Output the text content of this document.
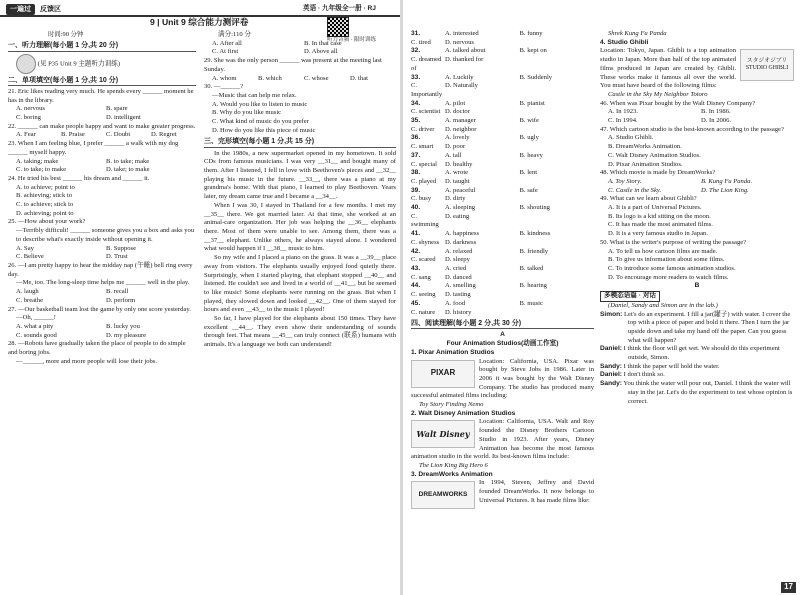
一遍过	反馈区
9 | Unit 9 综合能力测评卷

时间:90 分钟

一、听力理解(每小题 1 分,共 20 分)

(见 P35 Unit 9 主题听力训练)

二、单项填空(每小题 1 分,共 10 分)

21. Eric likes reading very much. He spends every ______ moment he has in the library.

A. nervous	B. spare
C. boring	D. intelligent

22. ______ can make people happy and want to make greater progress.

A. Fear	B. Praise	C. Doubt	D. Regret

23. When I am feeling blue, I prefer ______ a walk with my dog ______ myself happy.

A. taking; make	B. to take; make
C. to take; to make	D. take; to make

24. He tried his best ______ his dream and ______ it.

A. to achieve; point to

B. achieving; stick to

C. to achieve; stick to

D. achieving; point to

25. —How about your work?

—Terribly difficult! ______ someone gives you a box and asks you to describe what's exactly inside without opening it.

A. Say	B. Suppose
C. Believe	D. Trust

26. —I am pretty happy to hear the midday nap (午睡) bell ring every day.

—Me, too. The long-sleep time helps me ______ well in the play.

A. laugh	B. recall
C. breathe	D. perform

27. —Our basketball team lost the game by only one score yesterday.

—Oh, ______!

A. what a pity	B. lucky you
C. sounds good	D. my pleasure

28. —Robots have gradually taken the place of people to do simple and boring jobs.

—______, more and more people will lose their jobs.

听力音频 · 限时训练

满分:110 分

A. After all	B. In that case
C. At first	D. Above all

29. She was the only person ______ was present at the meeting last Sunday.

A. whom	B. which	C. whose	D. that

30. —______?

—Music that can help me relax.

A. Would you like to listen to music

B. Why do you like music

C. What kind of music do you prefer

D. How do you like this piece of music

三、完形填空(每小题 1 分,共 15 分)

In the 1980s, a new supermarket opened in my hometown. It sold CDs from famous musicians. I was very __31__ and bought many of them. After I listened, I fell in love with Beethoven's pieces and __32__ playing his music in the future. __33__, there was a piano at my grandma's home. With that piano, I learned to play Beethoven. Years later, my dream came true and I became a __34__.

When I was 30, I stayed in Thailand for a few months. I met my __35__ there. We got married later. At that time, she worked at an animal-care organization. Her job was helping the __36__ elephants there. Most of them were unable to see. Among them, there was a __37__ elephant. Unlike others, he always stayed alone. I wondered what would happen if I __38__ music to him.

So my wife and I placed a piano on the grass. It was a __39__ place away from visitors. The elephants usually enjoyed food quietly there. Surprisingly, when I started playing, that elephant stopped __40__ and listened. He couldn't see and lived in a world of __41__, but he seemed to like music! Some elephants were running on the grass. But when I played, they slowed down and looked __42__. One of them stayed for hours and even __43__ to the music I played!

So far, I have played for the elephants about 150 times. They have excellent __44__. They even show their understanding of sounds through feet. That means __45__ can truly connect (联系) humans with animals. It's a language we both can understand!

英语 · 九年级全一册 · RJ
31.	A. interested	B. funny
C. tired	D. nervous
32.	A. talked about	B. kept on
C. dreamed of
D. thanked for
33.	A. Luckily	B. Suddenly
C. Importantly
D. Naturally
34.	A. pilot	B. pianist
C. scientist D. doctor
35.	A. manager	B. wife
C. driver	D. neighbor
36.	A. lovely	B. ugly
C. smart	D. poor
37.	A. tall	B. heavy
C. special	D. healthy
38.	A. wrote	B. lent
C. played	D. taught
39.	A. peaceful	B. safe
C. busy	D. dirty
40.	A. sleeping	B. shouting
C. swimming
D. eating
41.	A. happiness	B. kindness
C. shyness D. darkness
42.	A. relaxed	B. friendly
C. scared	D. sleepy
43.	A. cried	B. talked
C. sang	D. danced
44.	A. smelling	B. hearing
C. seeing	D. tasting
45.	A. food	B. music
C. nature	D. history
四、阅读理解(每小题 2 分,共 30 分)

A

Four Animation Studios(动画工作室)

1. Pixar Animation Studios

PIXAR

Location: California, USA. Pixar was bought by Steve Jobs in 1986. Later in 2006 it was bought by the Walt Disney Company. The studio has produced many successful animated films including:

Toy Story Finding Nemo

2. Walt Disney Animation Studios

Walt Disney

Location: California, USA. Walt and Roy founded the Disney Brothers Cartoon Studio in 1923. After years, Disney Animation has become the most famous animation studio in the world. Its best-known films include:

The Lion King Big Hero 6

3. DreamWorks Animation

DREAMWORKS

In 1994, Steven, Jeffrey and David founded DreamWorks. It now belongs to Universal Pictures. It has made films like:

Shrek Kung Fu Panda

4. Studio Ghibli

スタジオジブリ STUDIO GHIBLI

Location: Tokyo, Japan. Ghibli is a top animation studio in Japan. More than half of the top animated films produced in Japan are created by Ghibli. These works make it famous all over the world. You must have heard of the following films:

Castle in the Sky My Neighbor Totoro

46. When was Pixar bought by the Walt Disney Company?

A. In 1923.	B. In 1986.
C. In 1994.	D. In 2006.

47. Which cartoon studio is the best-known according to the passage?

A. Studio Ghibli.

B. DreamWorks Animation.

C. Walt Disney Animation Studios.

D. Pixar Animation Studios.

48. Which movie is made by DreamWorks?

A. Toy Story.	B. Kung Fu Panda.
C. Castle in the Sky.	D. The Lion King.

49. What can we learn about Ghibli?

A. It is a part of Universal Pictures.

B. Its logo is a kid sitting on the moon.

C. It has made the most animated films.

D. It is a very famous studio in Japan.

50. What is the writer's purpose of writing the passage?

A. To tell us how cartoon films are made.

B. To give us information about some films.

C. To introduce some famous animation studios.

D. To encourage more readers to watch films.

B

多模态语篇 · 对话

(Daniel, Sandy and Simon are in the lab.)

Simon: Let's do an experiment. I fill a jar(罐子) with water. I cover the top with a piece of paper and hold it there. Then I turn the jar upside down and take my hand off the paper. Can you guess what will happen?

Daniel: I think the floor will get wet. We should do this experiment outside, Simon.

Sandy: I think the paper will hold the water.

Daniel: I don't think so.

Sandy: You think the water will pour out, Daniel. I think the water will stay in the jar. Let's do the experiment to test whose opinion is correct.

17
